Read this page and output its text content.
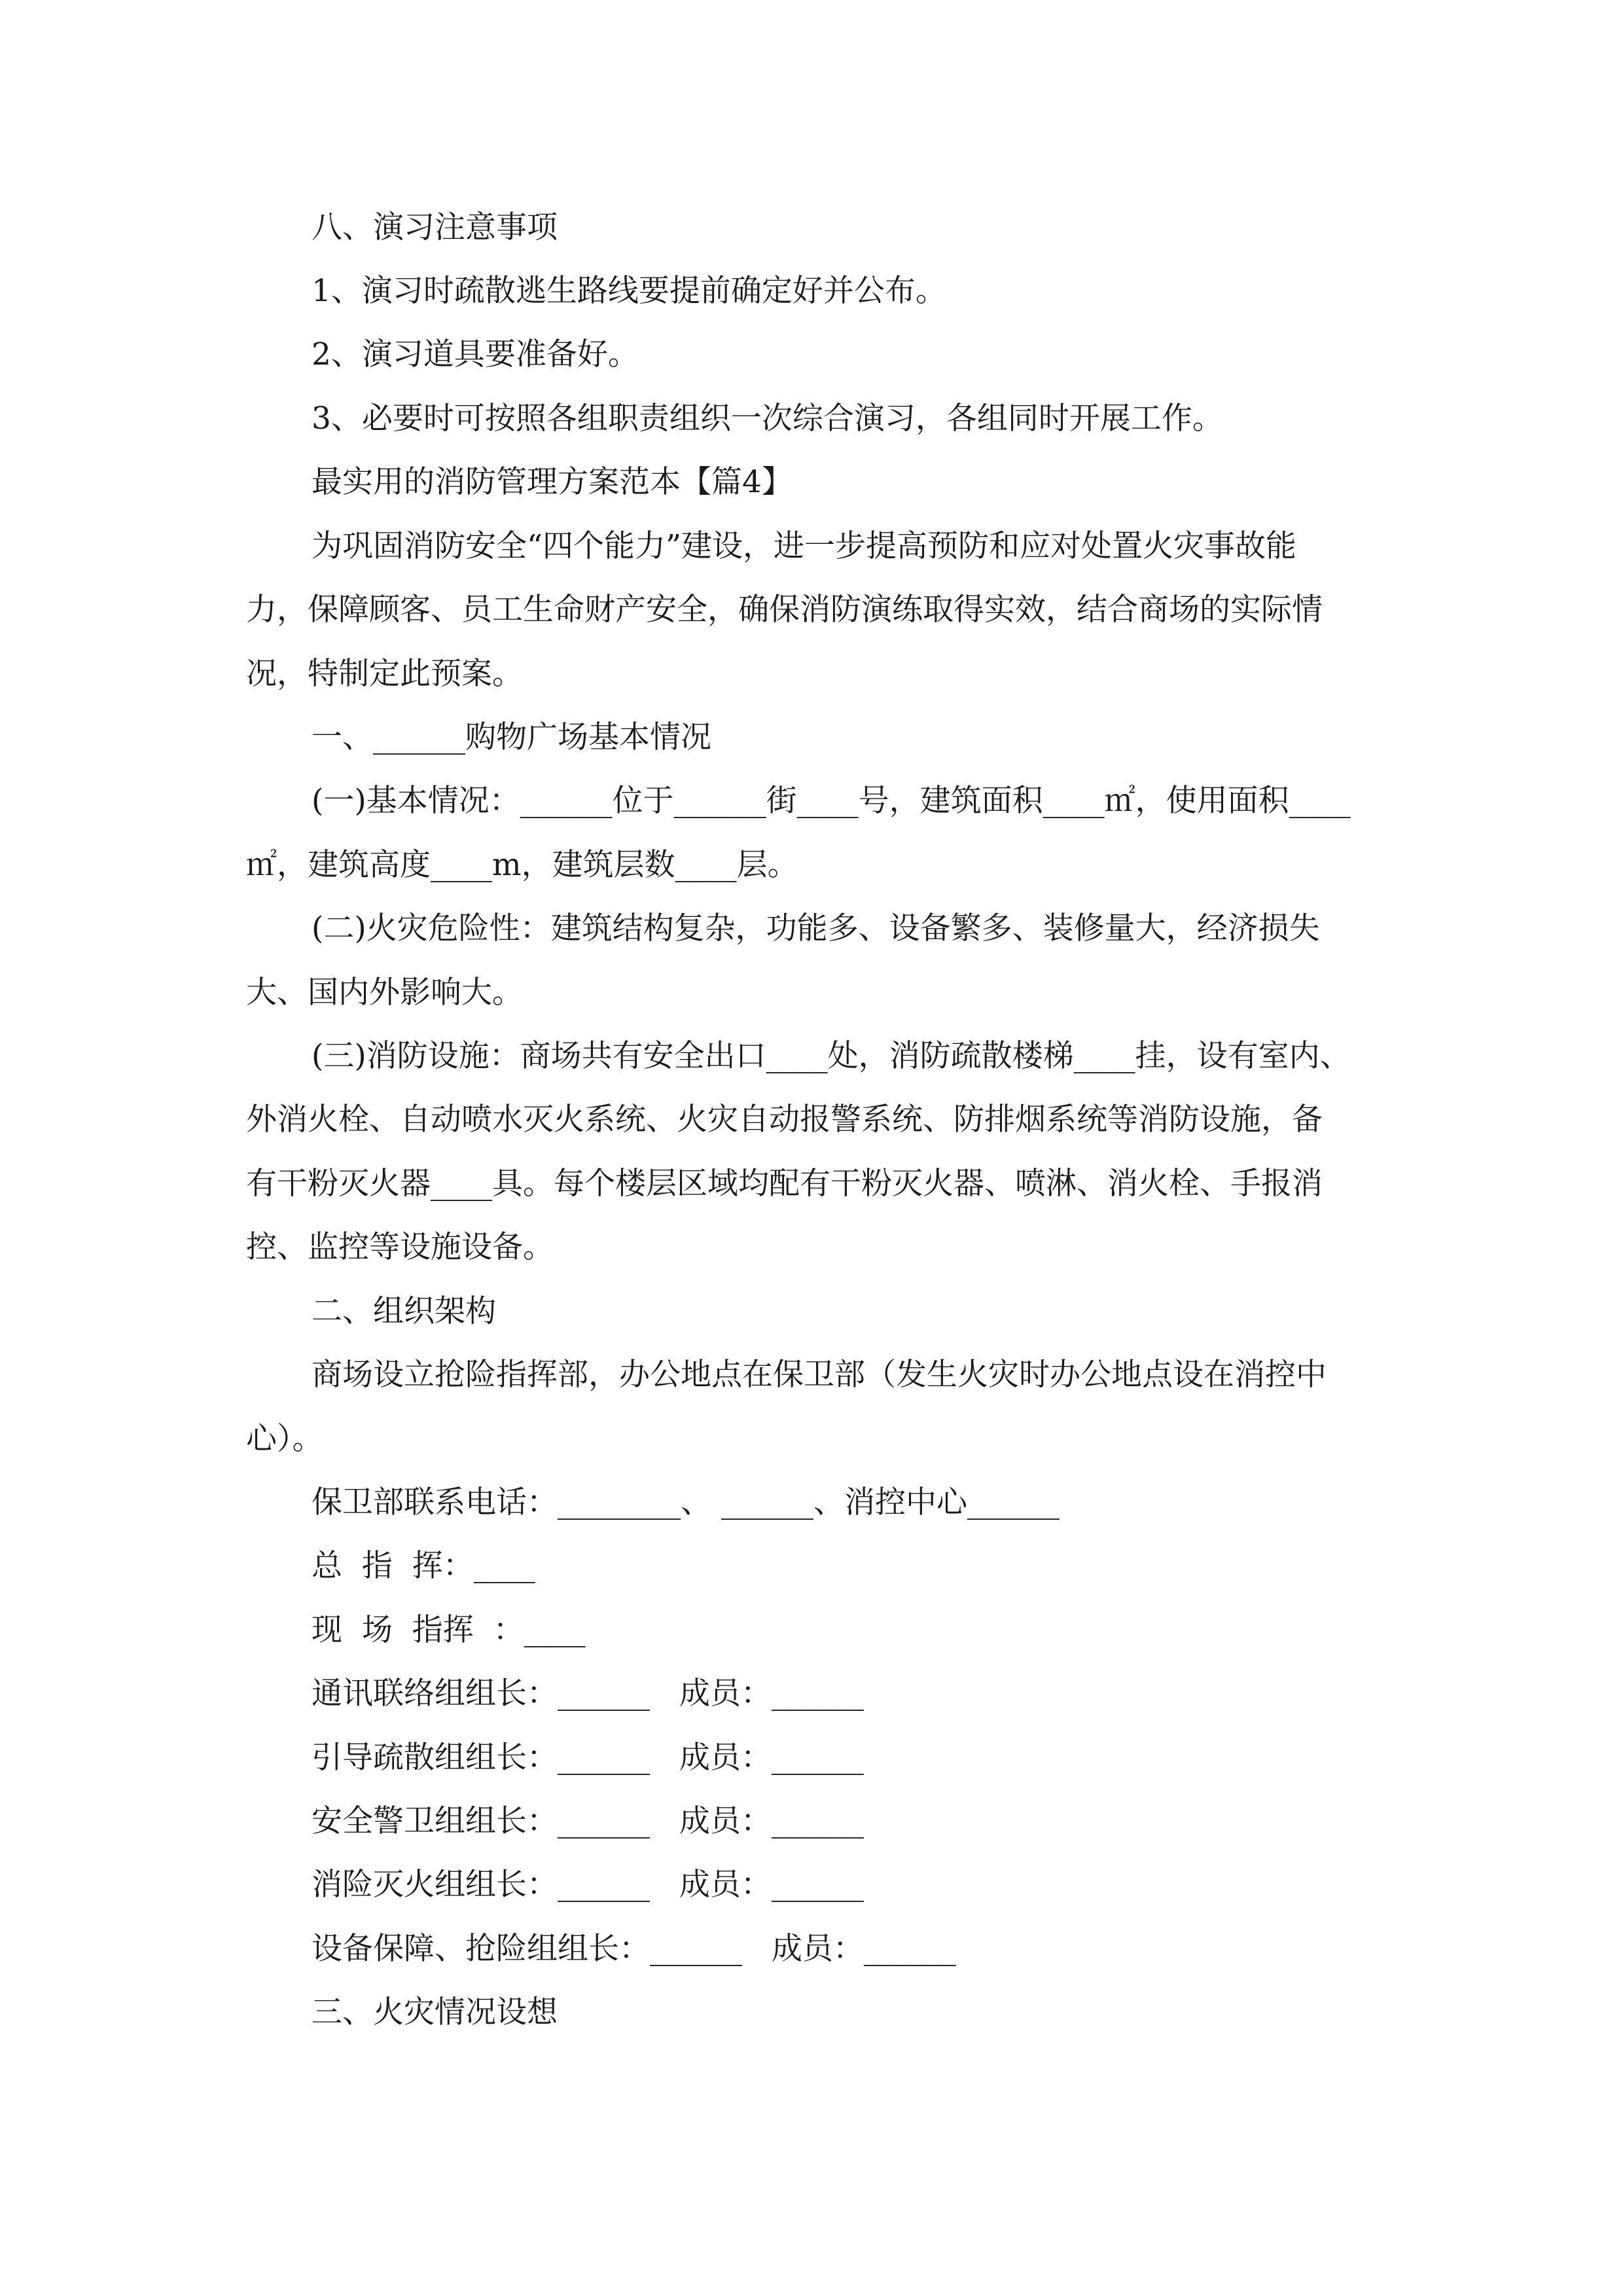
八、演习注意事项

1、演习时疏散逃生路线要提前确定好并公布。

2、演习道具要准备好。

3、必要时可按照各组职责组织一次综合演习，各组同时开展工作。

最实用的消防管理方案范本【篇4】

为巩固消防安全“四个能力”建设，进一步提高预防和应对处置火灾事故能

力，保障顾客、员工生命财产安全，确保消防演练取得实效，结合商场的实际情

况，特制定此预案。

一、______购物广场基本情况

(一)基本情况：______位于______街____号，建筑面积____㎡，使用面积____

㎡，建筑高度____m，建筑层数____层。

(二)火灾危险性：建筑结构复杂，功能多、设备繁多、装修量大，经济损失

大、国内外影响大。

(三)消防设施：商场共有安全出口____处，消防疏散楼梯____挂，设有室内、

外消火栓、自动喷水灭火系统、火灾自动报警系统、防排烟系统等消防设施，备

有干粉灭火器____具。每个楼层区域均配有干粉灭火器、喷淋、消火栓、手报消

控、监控等设施设备。

二、组织架构

商场设立抢险指挥部，办公地点在保卫部（发生火灾时办公地点设在消控中

心）。

保卫部联系电话：________、 ______、消控中心______

总  指  挥：____

现  场  指挥  ：____

通讯联络组组长：______   成员：______

引导疏散组组长：______   成员：______

安全警卫组组长：______   成员：______

消险灭火组组长：______   成员：______

设备保障、抢险组组长：______   成员：______

三、火灾情况设想
